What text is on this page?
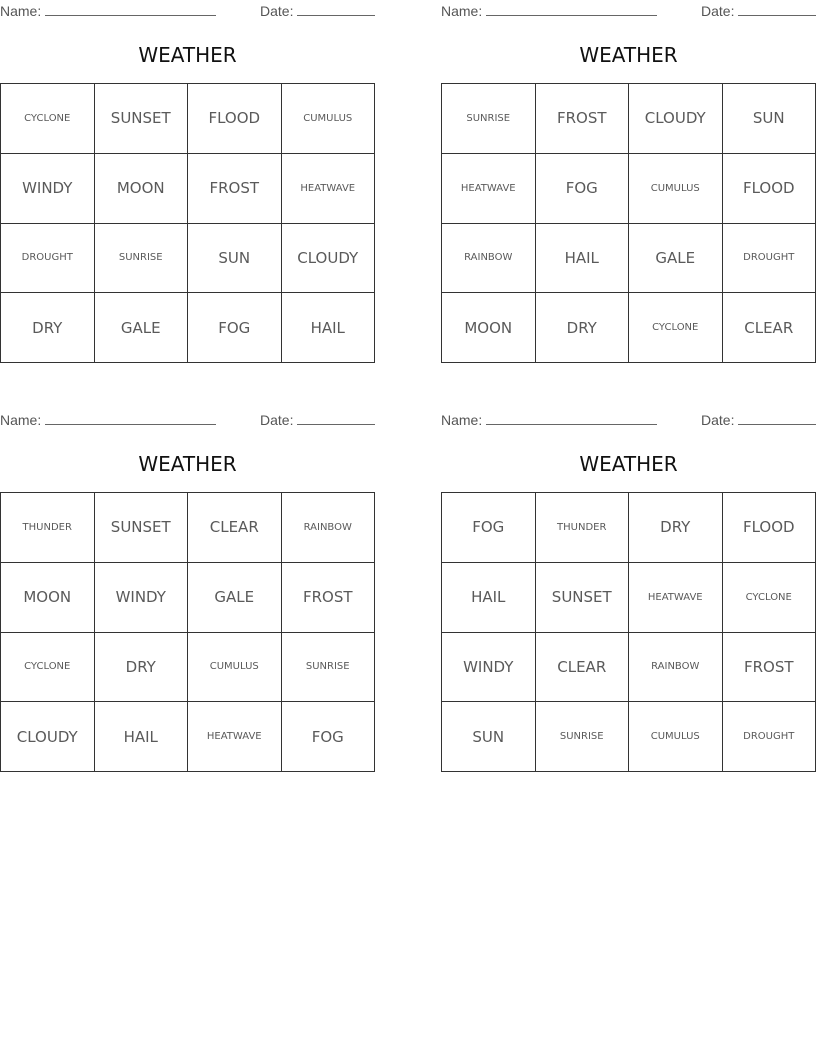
Name:	Date:
WEATHER
CYCLONE	SUNSET	FLOOD	CUMULUS
WINDY	MOON	FROST	HEATWAVE
DROUGHT	SUNRISE	SUN	CLOUDY
DRY	GALE	FOG	HAIL
Name:	Date:
WEATHER
SUNRISE	FROST	CLOUDY	SUN
HEATWAVE	FOG	CUMULUS	FLOOD
RAINBOW	HAIL	GALE	DROUGHT
MOON	DRY	CYCLONE	CLEAR
Name:	Date:
WEATHER
THUNDER	SUNSET	CLEAR	RAINBOW
MOON	WINDY	GALE	FROST
CYCLONE	DRY	CUMULUS	SUNRISE
CLOUDY	HAIL	HEATWAVE	FOG
Name:	Date:
WEATHER
FOG	THUNDER	DRY	FLOOD
HAIL	SUNSET	HEATWAVE	CYCLONE
WINDY	CLEAR	RAINBOW	FROST
SUN	SUNRISE	CUMULUS	DROUGHT
